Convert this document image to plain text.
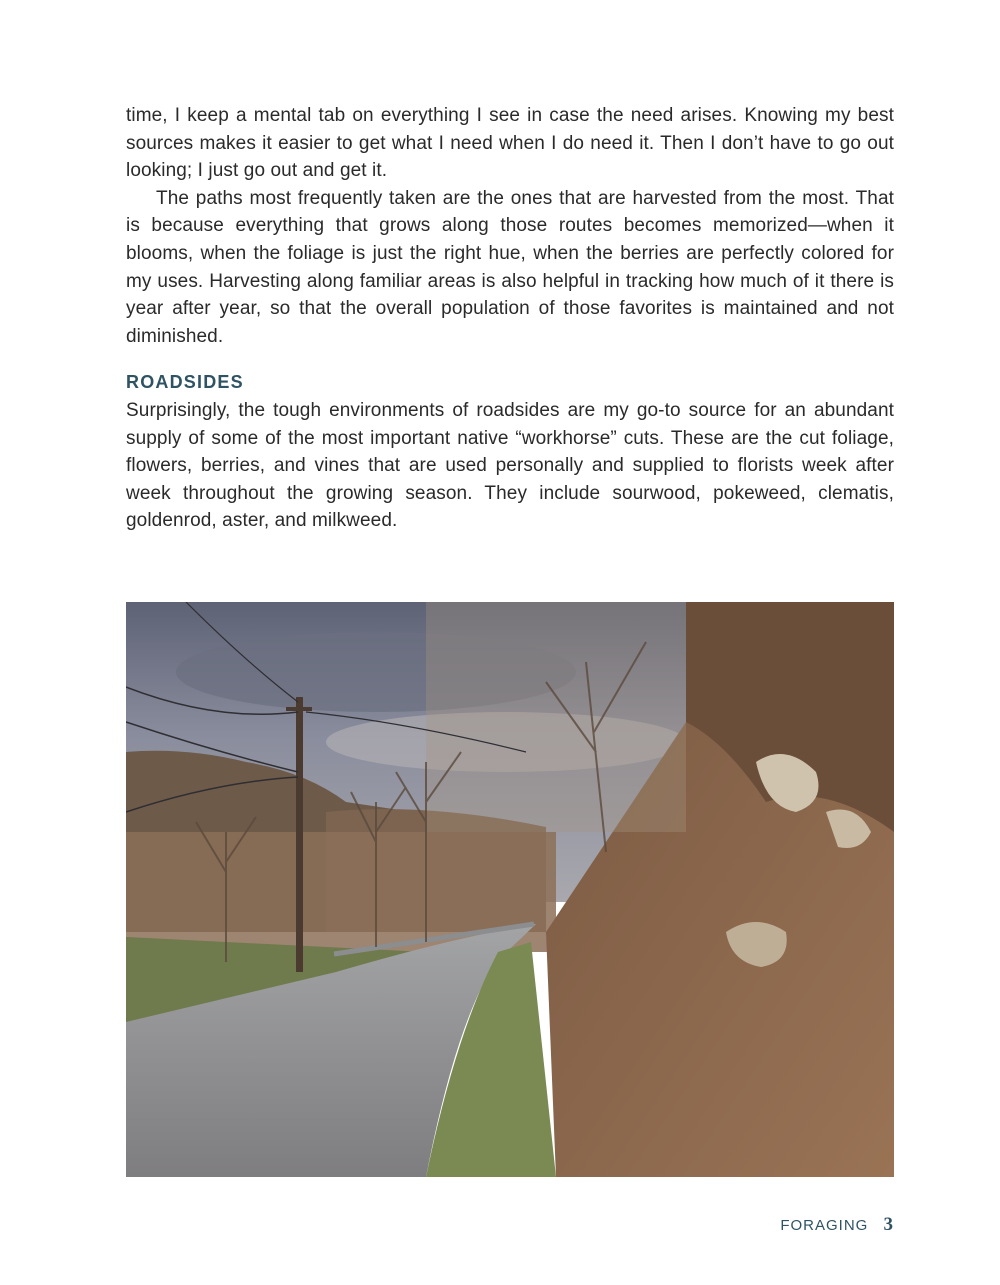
time, I keep a mental tab on everything I see in case the need arises. Knowing my best sources makes it easier to get what I need when I do need it. Then I don’t have to go out looking; I just go out and get it.

The paths most frequently taken are the ones that are harvested from the most. That is because everything that grows along those routes becomes memorized—when it blooms, when the foliage is just the right hue, when the berries are perfectly colored for my uses. Harvesting along familiar areas is also helpful in tracking how much of it there is year after year, so that the overall population of those favorites is maintained and not diminished.

ROADSIDES

Surprisingly, the tough environments of roadsides are my go-to source for an abundant supply of some of the most important native “workhorse” cuts. These are the cut foliage, flowers, berries, and vines that are used personally and supplied to florists week after week throughout the growing season. They include sourwood, pokeweed, clematis, goldenrod, aster, and milkweed.

FORAGING 3
